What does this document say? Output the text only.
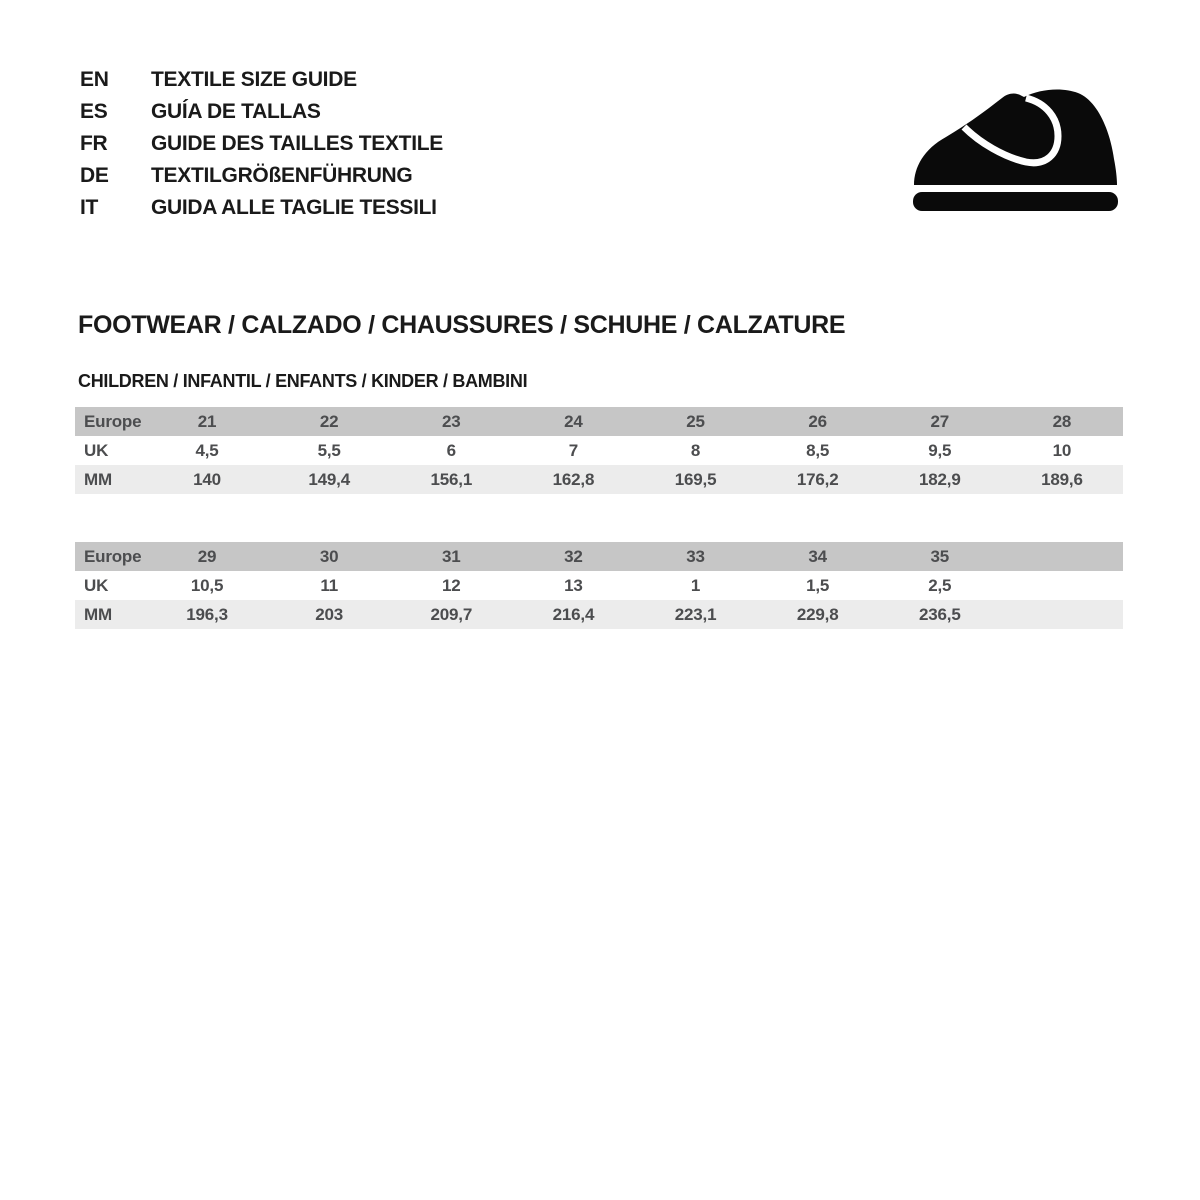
EN	TEXTILE SIZE GUIDE
ES	GUÍA DE TALLAS
FR	GUIDE DES TAILLES TEXTILE
DE	TEXTILGRÖßENFÜHRUNG
IT	GUIDA ALLE TAGLIE TESSILI
FOOTWEAR / CALZADO / CHAUSSURES / SCHUHE / CALZATURE
CHILDREN / INFANTIL / ENFANTS / KINDER / BAMBINI
Europe	21	22	23	24	25	26	27	28
UK	4,5	5,5	6	7	8	8,5	9,5	10
MM	140	149,4	156,1	162,8	169,5	176,2	182,9	189,6
Europe	29	30	31	32	33	34	35
UK	10,5	11	12	13	1	1,5	2,5
MM	196,3	203	209,7	216,4	223,1	229,8	236,5
